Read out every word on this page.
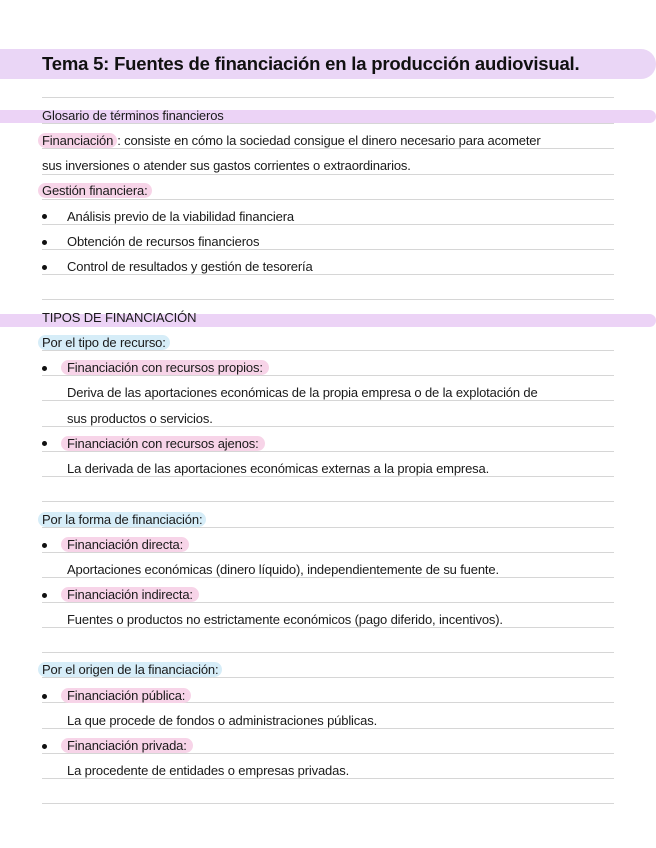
Tema 5: Fuentes de financiación en la producción audiovisual.
Glosario de términos financieros
Financiación : consiste en cómo la sociedad consigue el dinero necesario para acometer
sus inversiones o atender sus gastos corrientes o extraordinarios.
Gestión financiera:
Análisis previo de la viabilidad financiera
Obtención de recursos financieros
Control de resultados y gestión de tesorería
TIPOS DE FINANCIACIÓN
Por el tipo de recurso:
Financiación con recursos propios:
Deriva de las aportaciones económicas de la propia empresa o de la explotación de
sus productos o servicios.
Financiación con recursos ajenos:
La derivada de las aportaciones económicas externas a la propia empresa.
Por la forma de financiación:
Financiación directa:
Aportaciones económicas (dinero líquido), independientemente de su fuente.
Financiación indirecta:
Fuentes o productos no estrictamente económicos (pago diferido, incentivos).
Por el origen de la financiación:
Financiación pública:
La que procede de fondos o administraciones públicas.
Financiación privada:
La procedente de entidades o empresas privadas.
